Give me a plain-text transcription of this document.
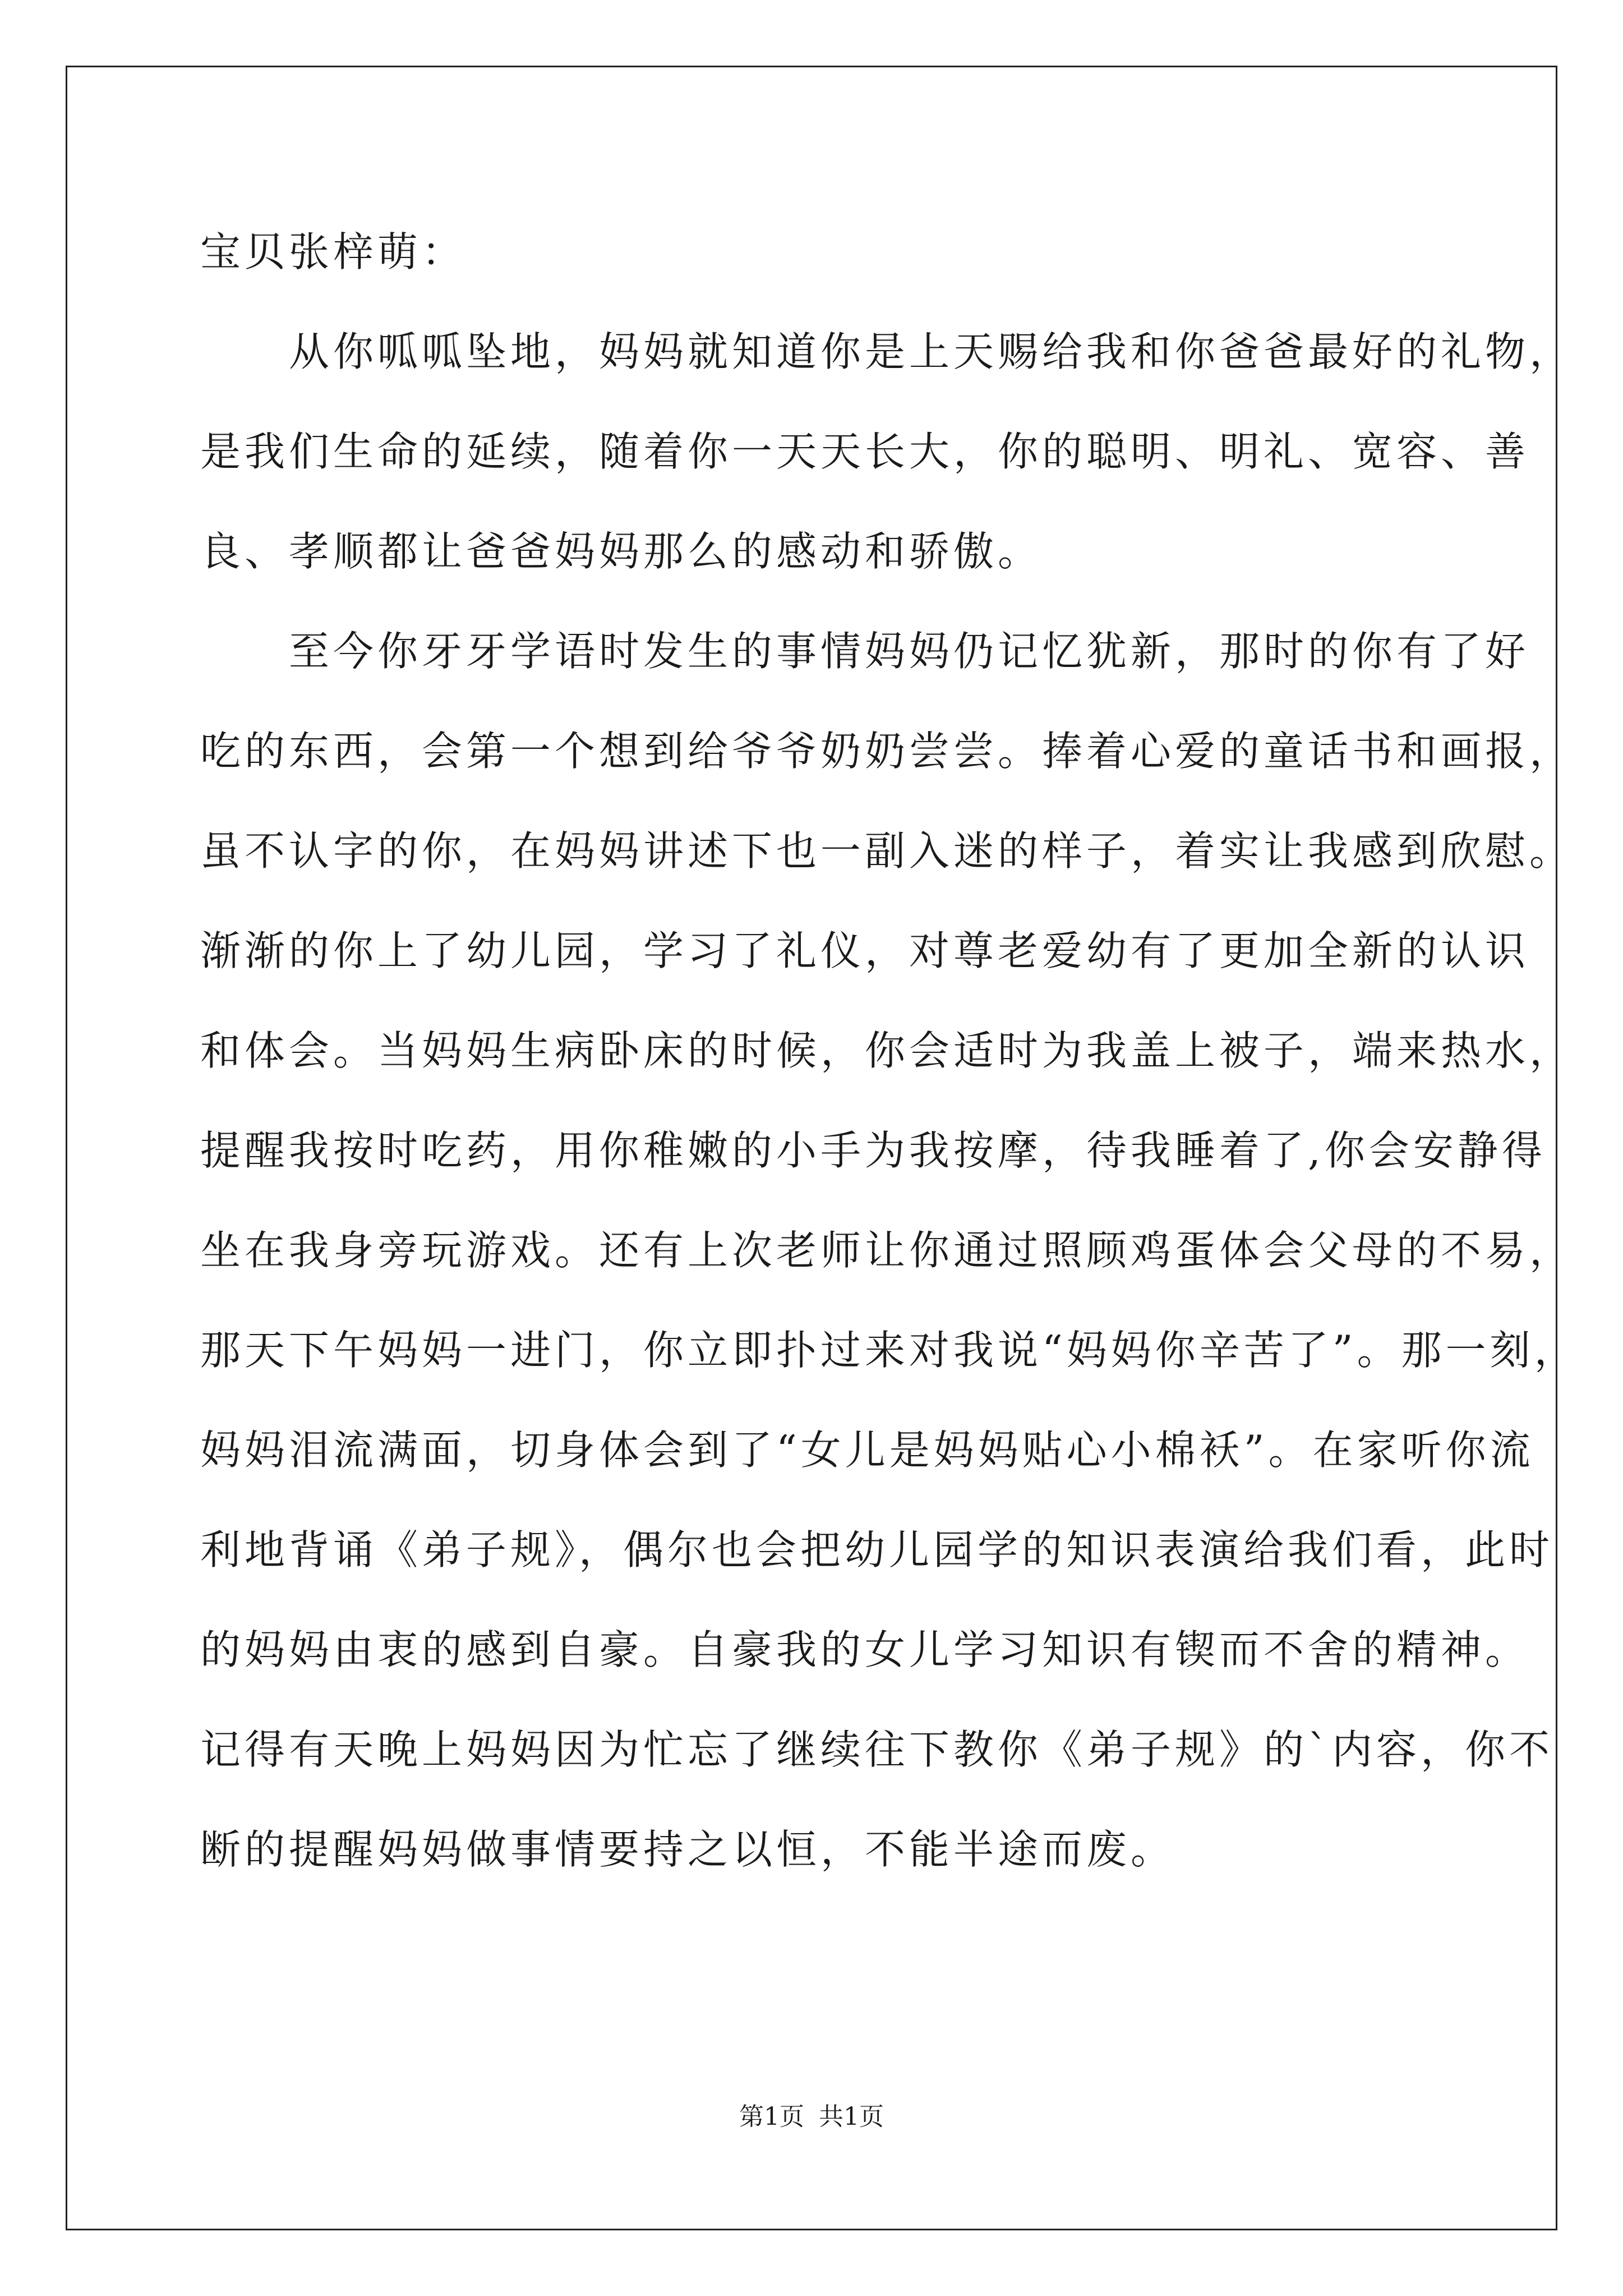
宝贝张梓萌：
　　从你呱呱坠地，妈妈就知道你是上天赐给我和你爸爸最好的礼物，
是我们生命的延续，随着你一天天长大，你的聪明、明礼、宽容、善
良、孝顺都让爸爸妈妈那么的感动和骄傲。
　　至今你牙牙学语时发生的事情妈妈仍记忆犹新，那时的你有了好
吃的东西，会第一个想到给爷爷奶奶尝尝。捧着心爱的童话书和画报，
虽不认字的你，在妈妈讲述下也一副入迷的样子，着实让我感到欣慰。
渐渐的你上了幼儿园，学习了礼仪，对尊老爱幼有了更加全新的认识
和体会。当妈妈生病卧床的时候，你会适时为我盖上被子，端来热水，
提醒我按时吃药，用你稚嫩的小手为我按摩，待我睡着了,你会安静得
坐在我身旁玩游戏。还有上次老师让你通过照顾鸡蛋体会父母的不易，
那天下午妈妈一进门，你立即扑过来对我说“妈妈你辛苦了”。那一刻，
妈妈泪流满面，切身体会到了“女儿是妈妈贴心小棉袄”。在家听你流
利地背诵《弟子规》，偶尔也会把幼儿园学的知识表演给我们看，此时
的妈妈由衷的感到自豪。自豪我的女儿学习知识有锲而不舍的精神。
记得有天晚上妈妈因为忙忘了继续往下教你《弟子规》的`内容，你不
断的提醒妈妈做事情要持之以恒，不能半途而废。
第1页 共1页
